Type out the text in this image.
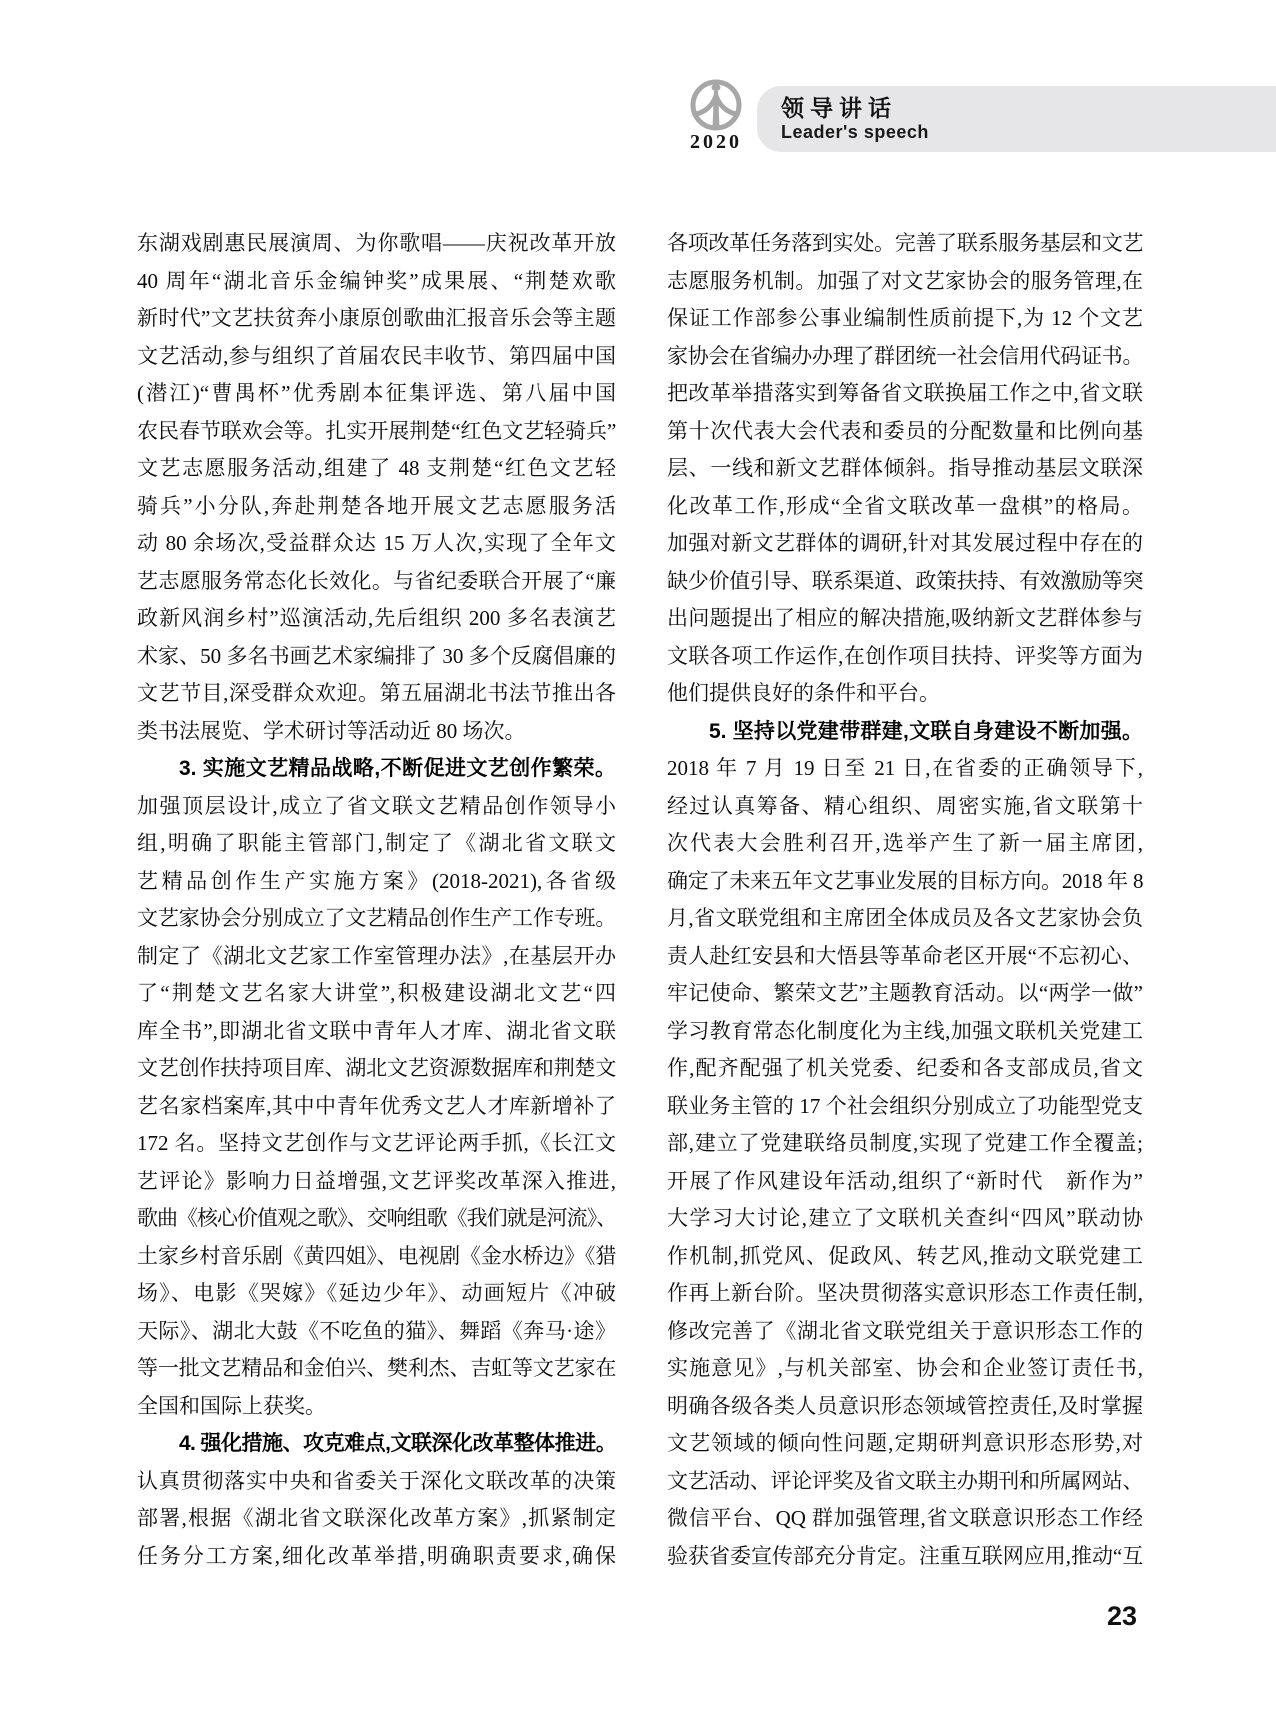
2020
领导讲话
Leader's speech
东湖戏剧惠民展演周、为你歌唱——庆祝改革开放
40 周年“湖北音乐金编钟奖”成果展、“荆楚欢歌
新时代”文艺扶贫奔小康原创歌曲汇报音乐会等主题
文艺活动,参与组织了首届农民丰收节、第四届中国
(潜江)“曹禺杯”优秀剧本征集评选、第八届中国
农民春节联欢会等。扎实开展荆楚“红色文艺轻骑兵”
文艺志愿服务活动,组建了 48 支荆楚“红色文艺轻
骑兵”小分队,奔赴荆楚各地开展文艺志愿服务活
动 80 余场次,受益群众达 15 万人次,实现了全年文
艺志愿服务常态化长效化。与省纪委联合开展了“廉
政新风润乡村”巡演活动,先后组织 200 多名表演艺
术家、50 多名书画艺术家编排了 30 多个反腐倡廉的
文艺节目,深受群众欢迎。第五届湖北书法节推出各
类书法展览、学术研讨等活动近 80 场次。
3. 实施文艺精品战略,不断促进文艺创作繁荣。
加强顶层设计,成立了省文联文艺精品创作领导小
组,明确了职能主管部门,制定了《湖北省文联文
艺精品创作生产实施方案》(2018-2021),各省级
文艺家协会分别成立了文艺精品创作生产工作专班。
制定了《湖北文艺家工作室管理办法》,在基层开办
了“荆楚文艺名家大讲堂”,积极建设湖北文艺“四
库全书”,即湖北省文联中青年人才库、湖北省文联
文艺创作扶持项目库、湖北文艺资源数据库和荆楚文
艺名家档案库,其中中青年优秀文艺人才库新增补了
172 名。坚持文艺创作与文艺评论两手抓,《长江文
艺评论》影响力日益增强,文艺评奖改革深入推进,
歌曲《核心价值观之歌》、交响组歌《我们就是河流》、
土家乡村音乐剧《黄四姐》、电视剧《金水桥边》《猎
场》、电影《哭嫁》《延边少年》、动画短片《冲破
天际》、湖北大鼓《不吃鱼的猫》、舞蹈《奔马·途》
等一批文艺精品和金伯兴、樊利杰、吉虹等文艺家在
全国和国际上获奖。
4. 强化措施、攻克难点,文联深化改革整体推进。
认真贯彻落实中央和省委关于深化文联改革的决策
部署,根据《湖北省文联深化改革方案》,抓紧制定
任务分工方案,细化改革举措,明确职责要求,确保
各项改革任务落到实处。完善了联系服务基层和文艺
志愿服务机制。加强了对文艺家协会的服务管理,在
保证工作部参公事业编制性质前提下,为 12 个文艺
家协会在省编办办理了群团统一社会信用代码证书。
把改革举措落实到筹备省文联换届工作之中,省文联
第十次代表大会代表和委员的分配数量和比例向基
层、一线和新文艺群体倾斜。指导推动基层文联深
化改革工作,形成“全省文联改革一盘棋”的格局。
加强对新文艺群体的调研,针对其发展过程中存在的
缺少价值引导、联系渠道、政策扶持、有效激励等突
出问题提出了相应的解决措施,吸纳新文艺群体参与
文联各项工作运作,在创作项目扶持、评奖等方面为
他们提供良好的条件和平台。
5. 坚持以党建带群建,文联自身建设不断加强。
2018 年 7 月 19 日至 21 日,在省委的正确领导下,
经过认真筹备、精心组织、周密实施,省文联第十
次代表大会胜利召开,选举产生了新一届主席团,
确定了未来五年文艺事业发展的目标方向。2018 年 8
月,省文联党组和主席团全体成员及各文艺家协会负
责人赴红安县和大悟县等革命老区开展“不忘初心、
牢记使命、繁荣文艺”主题教育活动。以“两学一做”
学习教育常态化制度化为主线,加强文联机关党建工
作,配齐配强了机关党委、纪委和各支部成员,省文
联业务主管的 17 个社会组织分别成立了功能型党支
部,建立了党建联络员制度,实现了党建工作全覆盖;
开展了作风建设年活动,组织了“新时代　新作为”
大学习大讨论,建立了文联机关查纠“四风”联动协
作机制,抓党风、促政风、转艺风,推动文联党建工
作再上新台阶。坚决贯彻落实意识形态工作责任制,
修改完善了《湖北省文联党组关于意识形态工作的
实施意见》,与机关部室、协会和企业签订责任书,
明确各级各类人员意识形态领域管控责任,及时掌握
文艺领域的倾向性问题,定期研判意识形态形势,对
文艺活动、评论评奖及省文联主办期刊和所属网站、
微信平台、QQ 群加强管理,省文联意识形态工作经
验获省委宣传部充分肯定。注重互联网应用,推动“互
23
